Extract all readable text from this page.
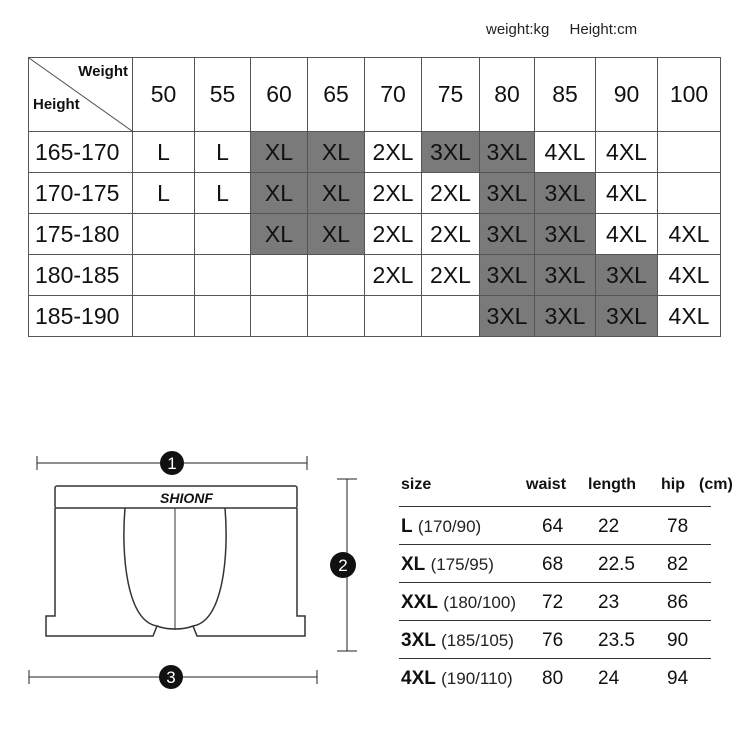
weight:kg Height:cm
Weight
Height	50	55	60	65	70	75	80	85	90	100
165-170	L	L	XL	XL	2XL	3XL	3XL	4XL	4XL	
170-175	L	L	XL	XL	2XL	2XL	3XL	3XL	4XL	
175-180			XL	XL	2XL	2XL	3XL	3XL	4XL	4XL
180-185					2XL	2XL	3XL	3XL	3XL	4XL
185-190							3XL	3XL	3XL	4XL
1
SHIONF
3
2
size	waist length hip
L (170/90)	64 22	78
XL (175/95)	68 22.5 82
XXL (180/100) 72 23	86
3XL (185/105) 76 23.5 90
4XL (190/110) 80 24	94
(cm)
